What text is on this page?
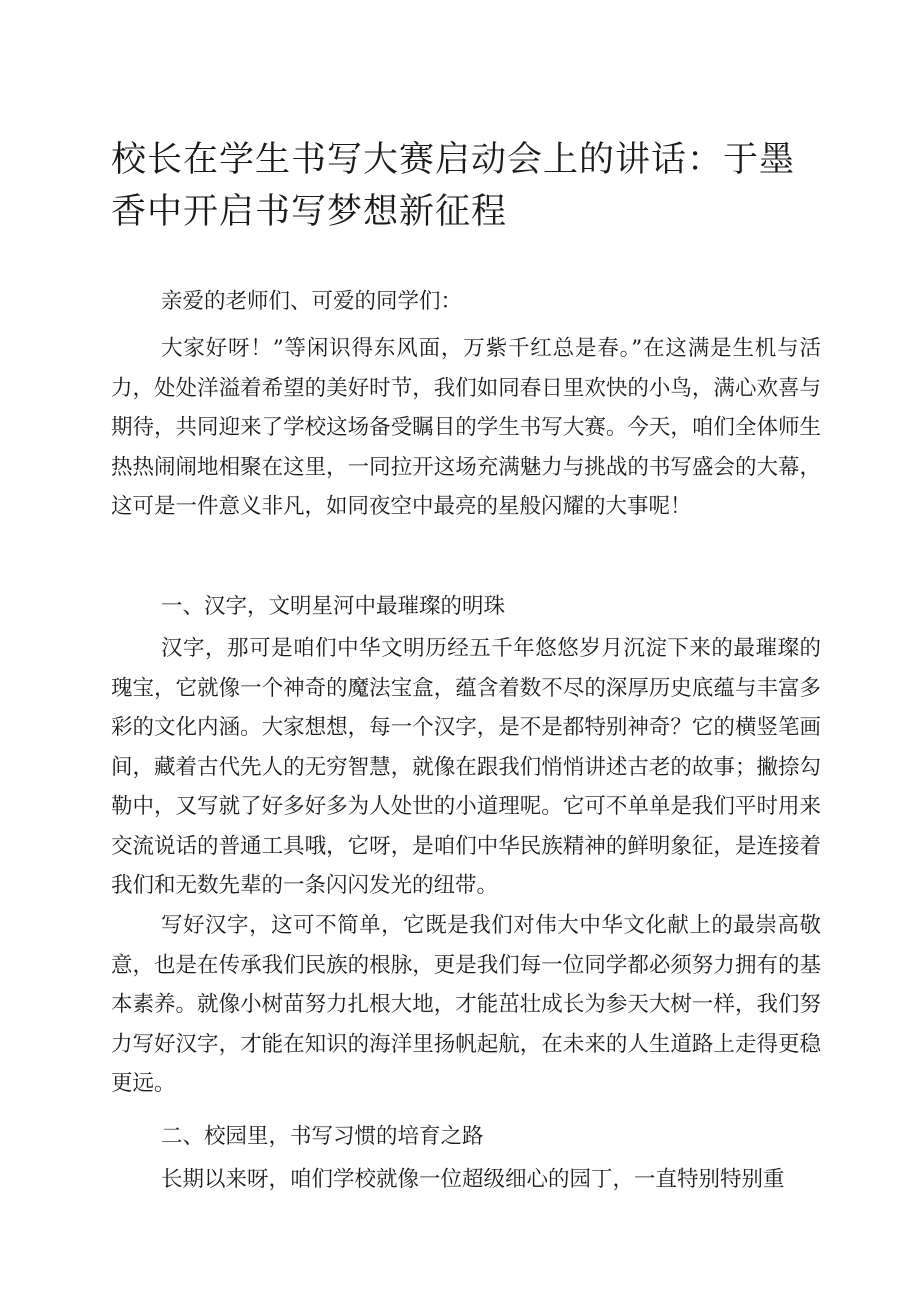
校长在学生书写大赛启动会上的讲话：于墨香中开启书写梦想新征程

亲爱的老师们、可爱的同学们：

大家好呀！”等闲识得东风面，万紫千红总是春。”在这满是生机与活力，处处洋溢着希望的美好时节，我们如同春日里欢快的小鸟，满心欢喜与期待，共同迎来了学校这场备受瞩目的学生书写大赛。今天，咱们全体师生热热闹闹地相聚在这里，一同拉开这场充满魅力与挑战的书写盛会的大幕，这可是一件意义非凡，如同夜空中最亮的星般闪耀的大事呢！

一、汉字，文明星河中最璀璨的明珠

汉字，那可是咱们中华文明历经五千年悠悠岁月沉淀下来的最璀璨的瑰宝，它就像一个神奇的魔法宝盒，蕴含着数不尽的深厚历史底蕴与丰富多彩的文化内涵。大家想想，每一个汉字，是不是都特别神奇？它的横竖笔画间，藏着古代先人的无穷智慧，就像在跟我们悄悄讲述古老的故事；撇捺勾勒中，又写就了好多好多为人处世的小道理呢。它可不单单是我们平时用来交流说话的普通工具哦，它呀，是咱们中华民族精神的鲜明象征，是连接着我们和无数先辈的一条闪闪发光的纽带。

写好汉字，这可不简单，它既是我们对伟大中华文化献上的最崇高敬意，也是在传承我们民族的根脉，更是我们每一位同学都必须努力拥有的基本素养。就像小树苗努力扎根大地，才能茁壮成长为参天大树一样，我们努力写好汉字，才能在知识的海洋里扬帆起航，在未来的人生道路上走得更稳更远。

二、校园里，书写习惯的培育之路

长期以来呀，咱们学校就像一位超级细心的园丁，一直特别特别重
